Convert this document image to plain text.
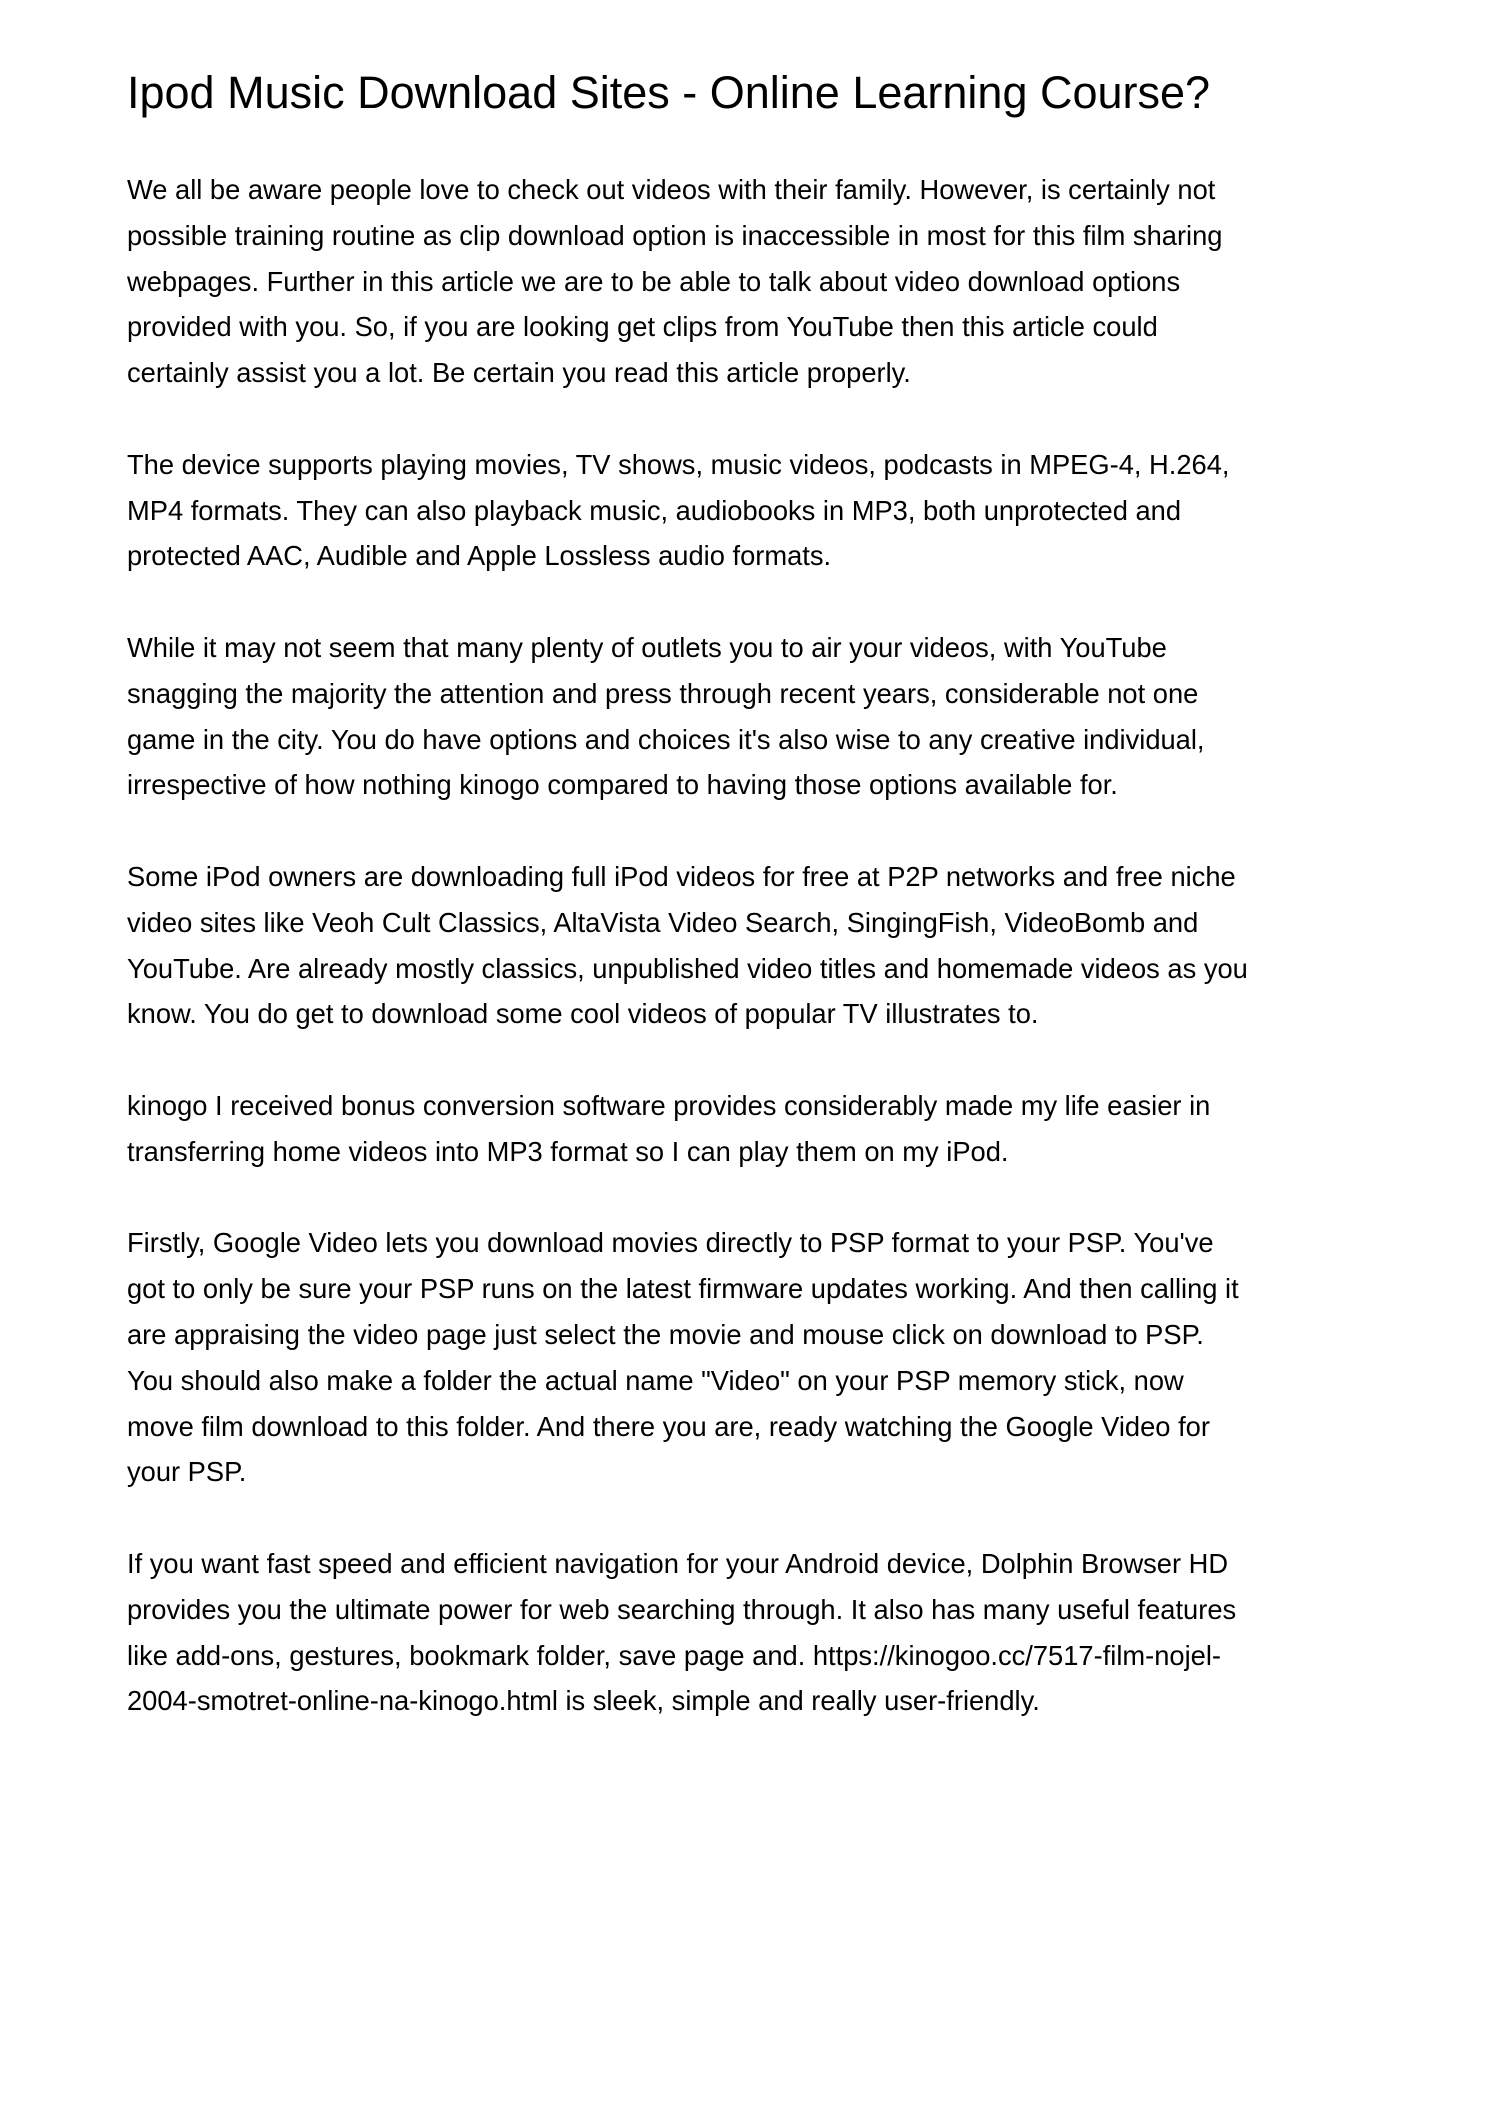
Ipod Music Download Sites - Online Learning Course?

We all be aware people love to check out videos with their family. However, is certainly not
possible training routine as clip download option is inaccessible in most for this film sharing
webpages. Further in this article we are to be able to talk about video download options
provided with you. So, if you are looking get clips from YouTube then this article could
certainly assist you a lot. Be certain you read this article properly.

The device supports playing movies, TV shows, music videos, podcasts in MPEG-4, H.264,
MP4 formats. They can also playback music, audiobooks in MP3, both unprotected and
protected AAC, Audible and Apple Lossless audio formats.

While it may not seem that many plenty of outlets you to air your videos, with YouTube
snagging the majority the attention and press through recent years, considerable not one
game in the city. You do have options and choices it's also wise to any creative individual,
irrespective of how nothing kinogo compared to having those options available for.

Some iPod owners are downloading full iPod videos for free at P2P networks and free niche
video sites like Veoh Cult Classics, AltaVista Video Search, SingingFish, VideoBomb and
YouTube. Are already mostly classics, unpublished video titles and homemade videos as you
know. You do get to download some cool videos of popular TV illustrates to.

kinogo I received bonus conversion software provides considerably made my life easier in
transferring home videos into MP3 format so I can play them on my iPod.

Firstly, Google Video lets you download movies directly to PSP format to your PSP. You've
got to only be sure your PSP runs on the latest firmware updates working. And then calling it
are appraising the video page just select the movie and mouse click on download to PSP.
You should also make a folder the actual name "Video" on your PSP memory stick, now
move film download to this folder. And there you are, ready watching the Google Video for
your PSP.

If you want fast speed and efficient navigation for your Android device, Dolphin Browser HD
provides you the ultimate power for web searching through. It also has many useful features
like add-ons, gestures, bookmark folder, save page and. https://kinogoo.cc/7517-film-nojel-
2004-smotret-online-na-kinogo.html is sleek, simple and really user-friendly.
